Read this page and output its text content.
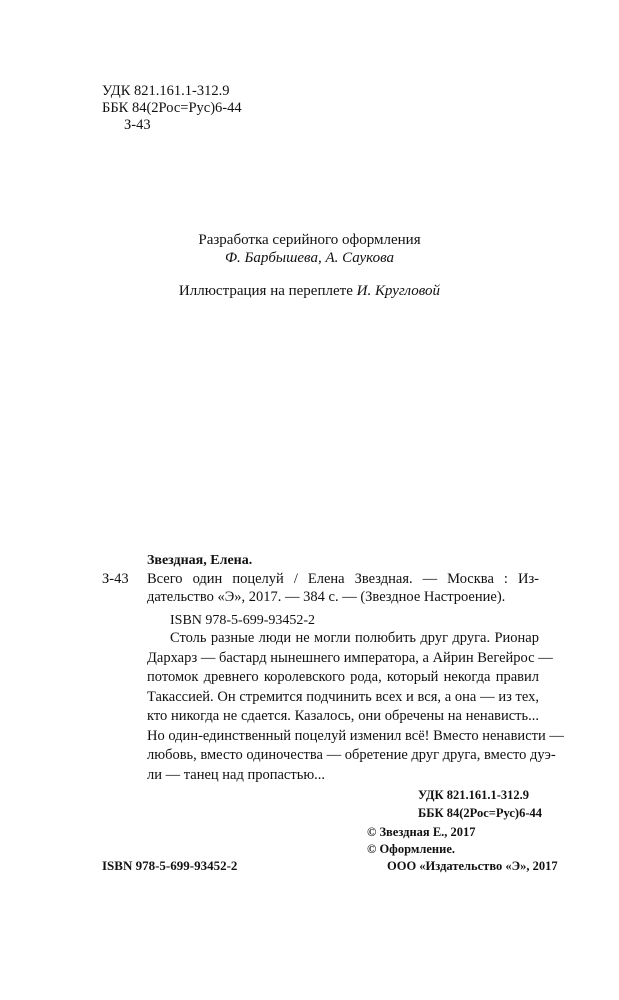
УДК 821.161.1-312.9
ББК 84(2Рос=Рус)6-44
З-43
Разработка серийного оформления
Ф. Барбышева, А. Саукова
Иллюстрация на переплете И. Кругловой
Звездная, Елена.
З-43 Всего один поцелуй / Елена Звездная. — Москва : Из-
дательство «Э», 2017. — 384 с. — (Звездное Настроение).
ISBN 978-5-699-93452-2
Столь разные люди не могли полюбить друг друга. Рионар
Дархарз — бастард нынешнего императора, а Айрин Вегейрос —
потомок древнего королевского рода, который некогда правил
Такассией. Он стремится подчинить всех и вся, а она — из тех,
кто никогда не сдается. Казалось, они обречены на ненависть...
Но один-единственный поцелуй изменил всё! Вместо ненависти —
любовь, вместо одиночества — обретение друг друга, вместо дуэ-
ли — танец над пропастью...
УДК 821.161.1-312.9
ББК 84(2Рос=Рус)6-44
ISBN 978-5-699-93452-2
© Звездная Е., 2017
© Оформление.
ООО «Издательство «Э», 2017
